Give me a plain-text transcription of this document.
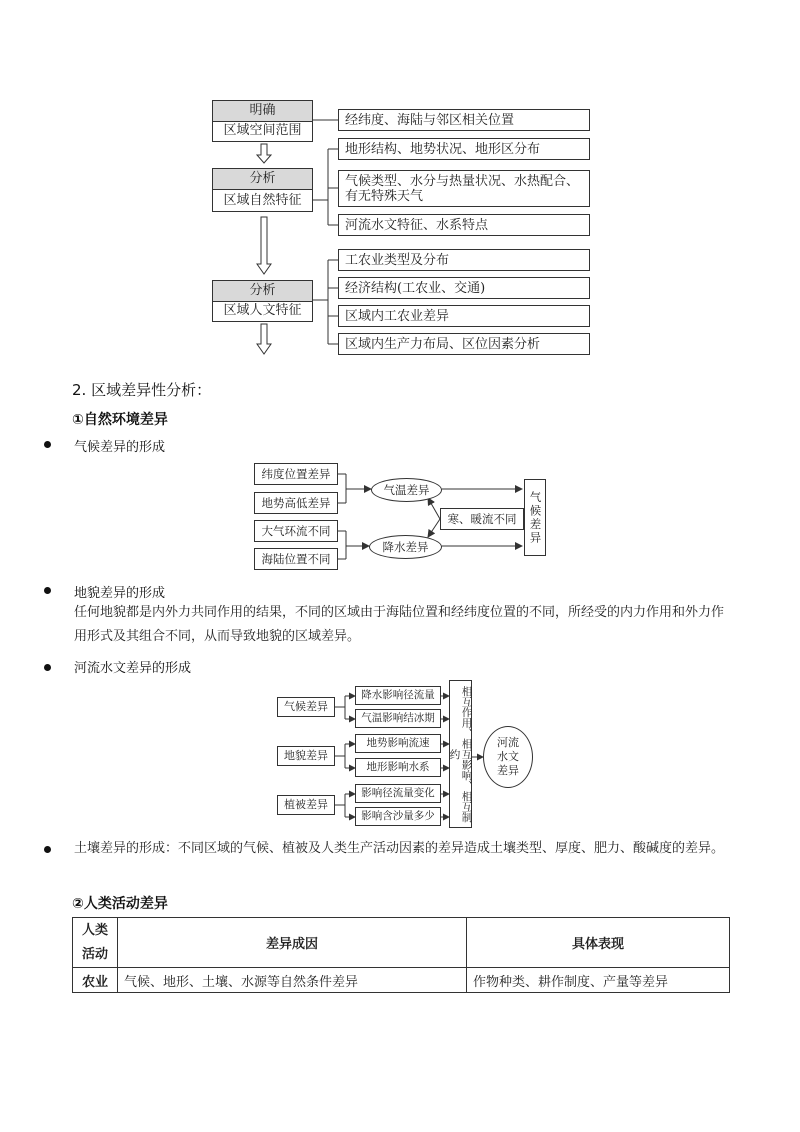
明确
区域空间范围
分析
区域自然特征
分析
区域人文特征
经纬度、海陆与邻区相关位置
地形结构、地势状况、地形区分布
气候类型、水分与热量状况、水热配合、有无特殊天气
河流水文特征、水系特点
工农业类型及分布
经济结构(工农业、交通)
区域内工农业差异
区域内生产力布局、区位因素分析
2. 区域差异性分析：
①自然环境差异
气候差异的形成
纬度位置差异
地势高低差异
大气环流不同
海陆位置不同
气温差异
降水差异
寒、暖流不同	气候差异
地貌差异的形成
任何地貌都是内外力共同作用的结果，不同的区域由于海陆位置和经纬度位置的不同，所经受的内力作用和外力作用形式及其组合不同，从而导致地貌的区域差异。
河流水文差异的形成
气候差异
地貌差异
植被差异
降水影响径流量
气温影响结冰期
地势影响流速
地形影响水系
影响径流量变化
影响含沙量多少	相互作用、相互影响、相互制约
河流水文差异
土壤差异的形成：不同区域的气候、植被及人类生产活动因素的差异造成土壤类型、厚度、肥力、酸碱度的差异。
②人类活动差异
人类活动	差异成因	具体表现
农业	气候、地形、土壤、水源等自然条件差异	作物种类、耕作制度、产量等差异
